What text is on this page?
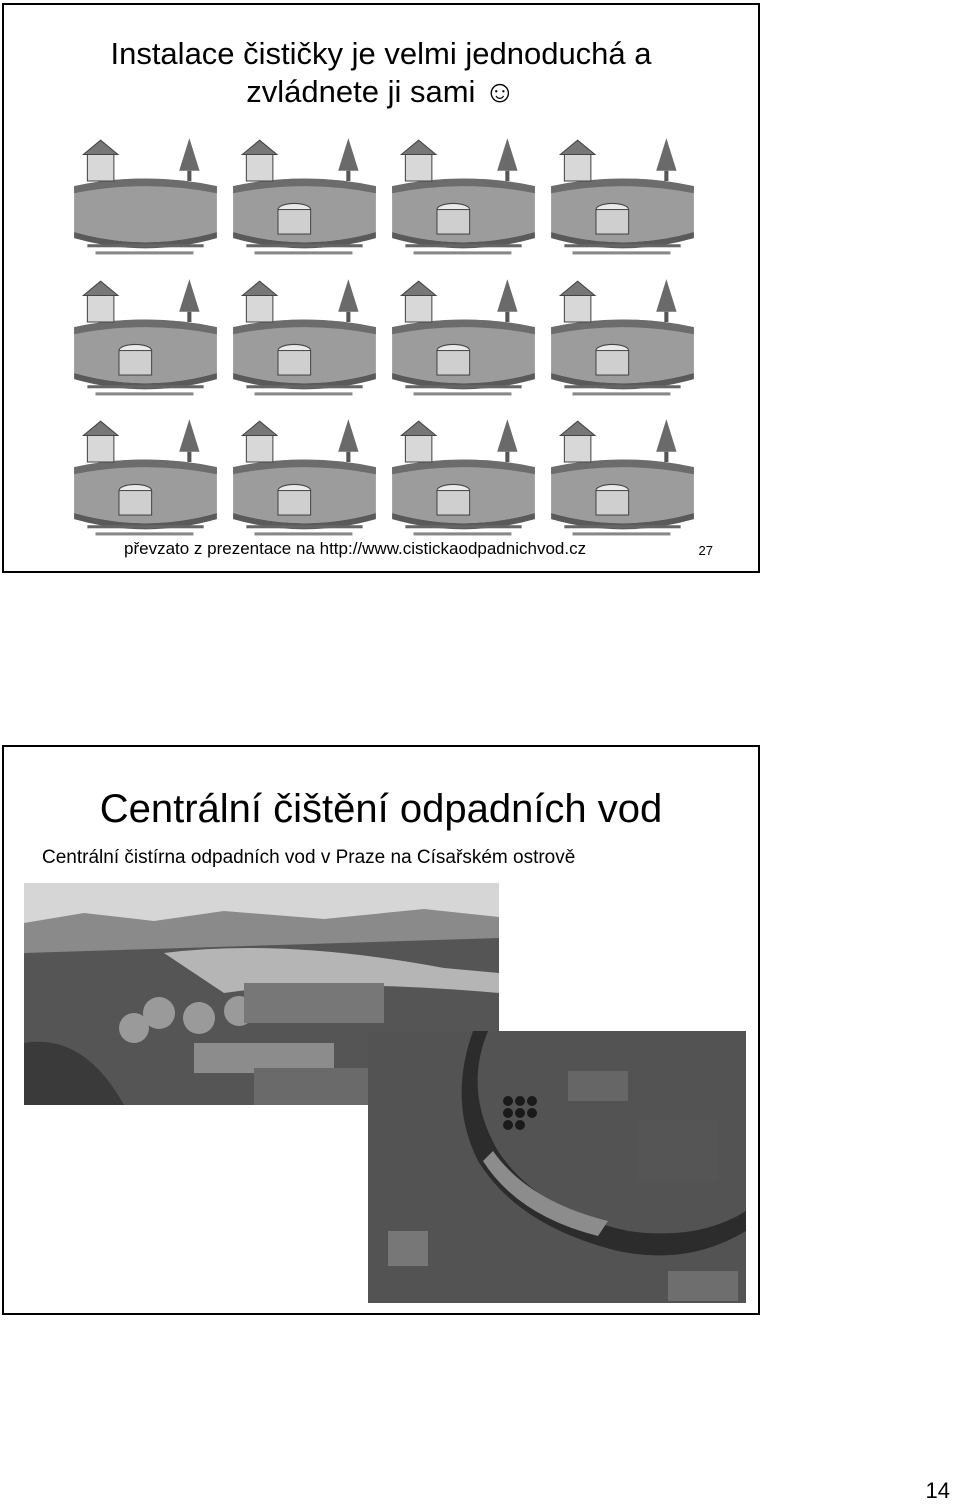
Instalace čističky je velmi jednoduchá a
zvládnete ji sami ☺
převzato z prezentace na http://www.cistickaodpadnichvod.cz	27
Centrální čištění odpadních vod
Centrální čistírna odpadních vod v Praze na Císařském ostrově
14
